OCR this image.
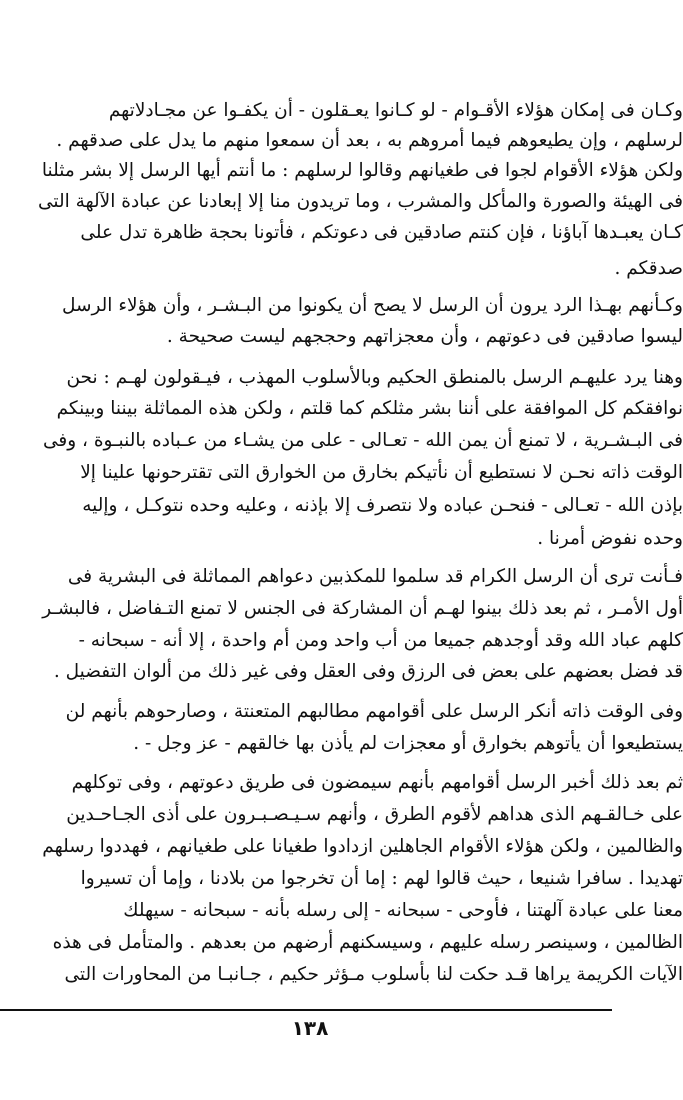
وكـان فى إمكان هؤلاء الأقـوام - لو كـانوا يعـقلون - أن يكفـوا عن مجـادلاتهم
لرسلهم ، وإن يطيعوهم فيما أمروهم به ، بعد أن سمعوا منهم ما يدل على صدقهم .
ولكن هؤلاء الأقوام لجوا فى طغيانهم وقالوا لرسلهم : ما أنتم أيها الرسل إلا بشر مثلنا
فى الهيئة والصورة والمأكل والمشرب ، وما تريدون منا إلا إبعادنا عن عبادة الآلهة التى
كـان يعبـدها آباؤنا ، فإن كنتم صادقين فى دعوتكم ، فأتونا بحجة ظاهرة تدل على
صدقكم .
وكـأنهم بهـذا الرد يرون أن الرسل لا يصح أن يكونوا من البـشـر ، وأن هؤلاء الرسل
ليسوا صادقين فى دعوتهم ، وأن معجزاتهم وحججهم ليست صحيحة .
وهنا يرد عليهـم الرسل بالمنطق الحكيم وبالأسلوب المهذب ، فيـقولون لهـم : نحن
نوافقكم كل الموافقة على أننا بشر مثلكم كما قلتم ، ولكن هذه المماثلة بيننا وبينكم
فى البـشـرية ، لا تمنع أن يمن الله - تعـالى - على من يشـاء من عـباده بالنبـوة ، وفى
الوقت ذاته نحـن لا نستطيع أن نأتيكم بخارق من الخوارق التى تقترحونها علينا إلا
بإذن الله - تعـالى - فنحـن عباده ولا نتصرف إلا بإذنه ، وعليه وحده نتوكـل ، وإليه
وحده نفوض أمرنا .
فـأنت ترى أن الرسل الكرام قد سلموا للمكذبين دعواهم المماثلة فى البشرية فى
أول الأمـر ، ثم بعد ذلك بينوا لهـم أن المشاركة فى الجنس لا تمنع التـفاضل ، فالبشـر
كلهم عباد الله وقد أوجدهم جميعا من أب واحد ومن أم واحدة ، إلا أنه - سبحانه -
قد فضل بعضهم على بعض فى الرزق وفى العقل وفى غير ذلك من ألوان التفضيل .
وفى الوقت ذاته أنكر الرسل على أقوامهم مطالبهم المتعنتة ، وصارحوهم بأنهم لن
يستطيعوا أن يأتوهم بخوارق أو معجزات لم يأذن بها خالقهم - عز وجل - .
ثم بعد ذلك أخبر الرسل أقوامهم بأنهم سيمضون فى طريق دعوتهم ، وفى توكلهم
على خـالقـهم الذى هداهم لأقوم الطرق ، وأنهم سـيـصـبـرون على أذى الجـاحـدين
والظالمين ، ولكن هؤلاء الأقوام الجاهلين ازدادوا طغيانا على طغيانهم ، فهددوا رسلهم
تهديدا . سافرا شنيعا ، حيث قالوا لهم : إما أن تخرجوا من بلادنا ، وإما أن تسيروا
معنا على عبادة آلهتنا ، فأوحى - سبحانه - إلى رسله بأنه - سبحانه - سيهلك
الظالمين ، وسينصر رسله عليهم ، وسيسكنهم أرضهم من بعدهم . والمتأمل فى هذه
الآيات الكريمة يراها قـد حكت لنا بأسلوب مـؤثر حكيم ، جـانبـا من المحاورات التى
١٣٨
